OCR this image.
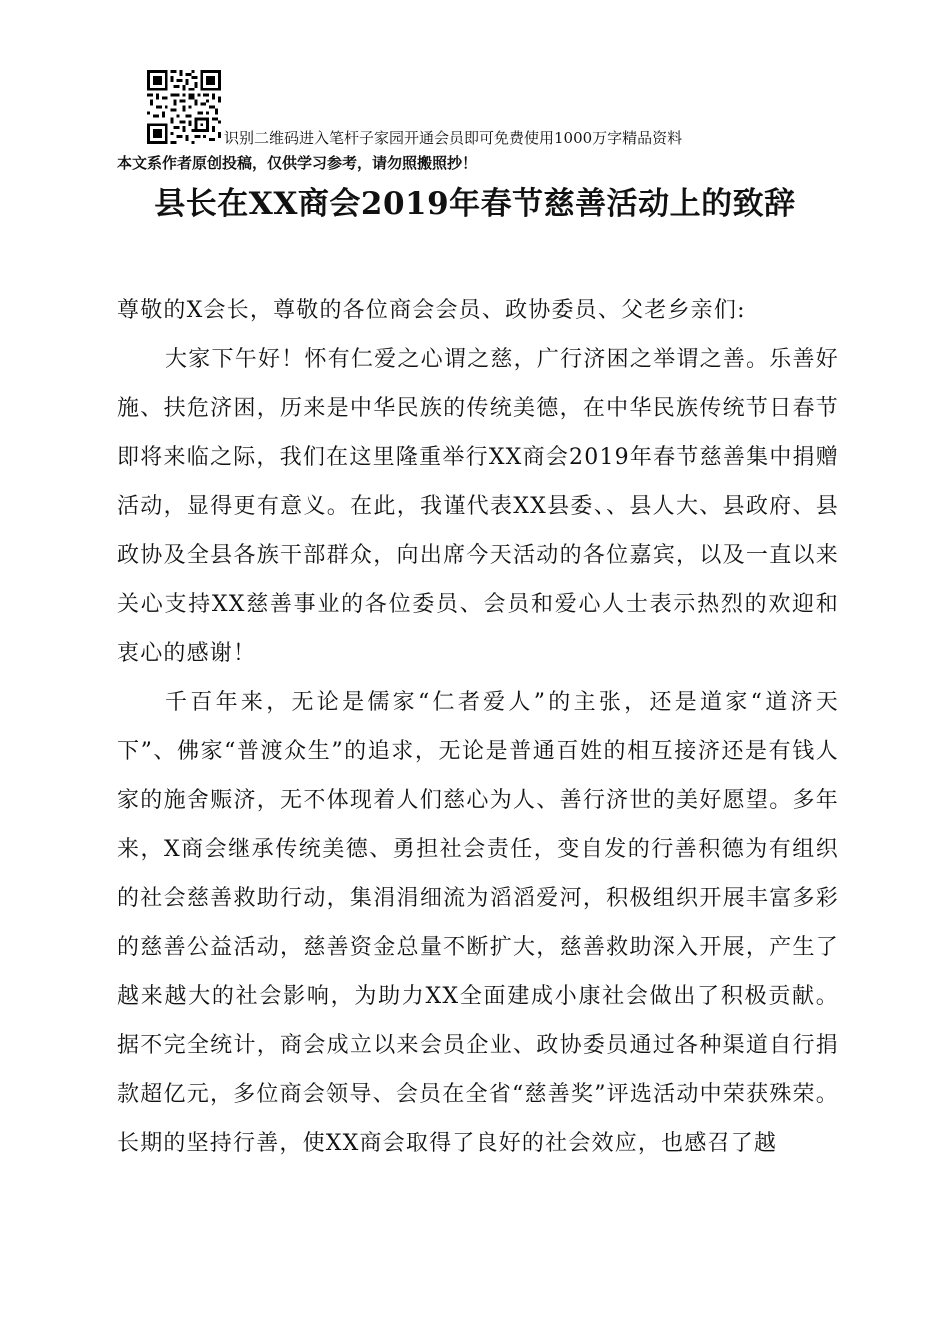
识别二维码进入笔杆子家园开通会员即可免费使用1000万字精品资料
本文系作者原创投稿，仅供学习参考，请勿照搬照抄！
县长在XX商会2019年春节慈善活动上的致辞

尊敬的X会长，尊敬的各位商会会员、政协委员、父老乡亲们:

大家下午好！怀有仁爱之心谓之慈，广行济困之举谓之善。乐善好施、扶危济困，历来是中华民族的传统美德，在中华民族传统节日春节即将来临之际，我们在这里隆重举行XX商会2019年春节慈善集中捐赠活动，显得更有意义。在此，我谨代表XX县委、、县人大、县政府、县政协及全县各族干部群众，向出席今天活动的各位嘉宾，以及一直以来关心支持XX慈善事业的各位委员、会员和爱心人士表示热烈的欢迎和衷心的感谢！

千百年来，无论是儒家“仁者爱人”的主张，还是道家“道济天下”、佛家“普渡众生”的追求，无论是普通百姓的相互接济还是有钱人家的施舍赈济，无不体现着人们慈心为人、善行济世的美好愿望。多年来，X商会继承传统美德、勇担社会责任，变自发的行善积德为有组织的社会慈善救助行动，集涓涓细流为滔滔爱河，积极组织开展丰富多彩的慈善公益活动，慈善资金总量不断扩大，慈善救助深入开展，产生了越来越大的社会影响，为助力XX全面建成小康社会做出了积极贡献。据不完全统计，商会成立以来会员企业、政协委员通过各种渠道自行捐款超亿元，多位商会领导、会员在全省“慈善奖”评选活动中荣获殊荣。长期的坚持行善，使XX商会取得了良好的社会效应，也感召了越
